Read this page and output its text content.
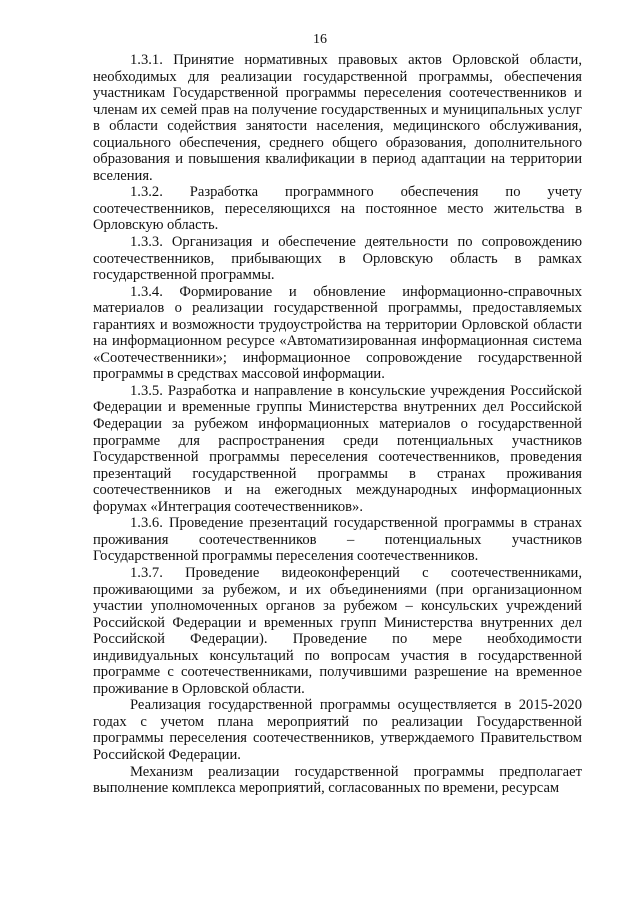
16

1.3.1. Принятие нормативных правовых актов Орловской области, необходимых для реализации государственной программы, обеспечения участникам Государственной программы переселения соотечественников и членам их семей прав на получение государственных и муниципальных услуг в области содействия занятости населения, медицинского обслуживания, социального обеспечения, среднего общего образования, дополнительного образования и повышения квалификации в период адаптации на территории вселения.

1.3.2. Разработка программного обеспечения по учету соотечественников, переселяющихся на постоянное место жительства в Орловскую область.

1.3.3. Организация и обеспечение деятельности по сопровождению соотечественников, прибывающих в Орловскую область в рамках государственной программы.

1.3.4. Формирование и обновление информационно-справочных материалов о реализации государственной программы, предоставляемых гарантиях и возможности трудоустройства на территории Орловской области на информационном ресурсе «Автоматизированная информационная система «Соотечественники»; информационное сопровождение государственной программы в средствах массовой информации.

1.3.5. Разработка и направление в консульские учреждения Российской Федерации и временные группы Министерства внутренних дел Российской Федерации за рубежом информационных материалов о государственной программе для распространения среди потенциальных участников Государственной программы переселения соотечественников, проведения презентаций государственной программы в странах проживания соотечественников и на ежегодных международных информационных форумах «Интеграция соотечественников».

1.3.6. Проведение презентаций государственной программы в странах проживания соотечественников – потенциальных участников Государственной программы переселения соотечественников.

1.3.7. Проведение видеоконференций с соотечественниками, проживающими за рубежом, и их объединениями (при организационном участии уполномоченных органов за рубежом – консульских учреждений Российской Федерации и временных групп Министерства внутренних дел Российской Федерации). Проведение по мере необходимости индивидуальных консультаций по вопросам участия в государственной программе с соотечественниками, получившими разрешение на временное проживание в Орловской области.

Реализация государственной программы осуществляется в 2015-2020 годах с учетом плана мероприятий по реализации Государственной программы переселения соотечественников, утверждаемого Правительством Российской Федерации.

Механизм реализации государственной программы предполагает выполнение комплекса мероприятий, согласованных по времени, ресурсам
